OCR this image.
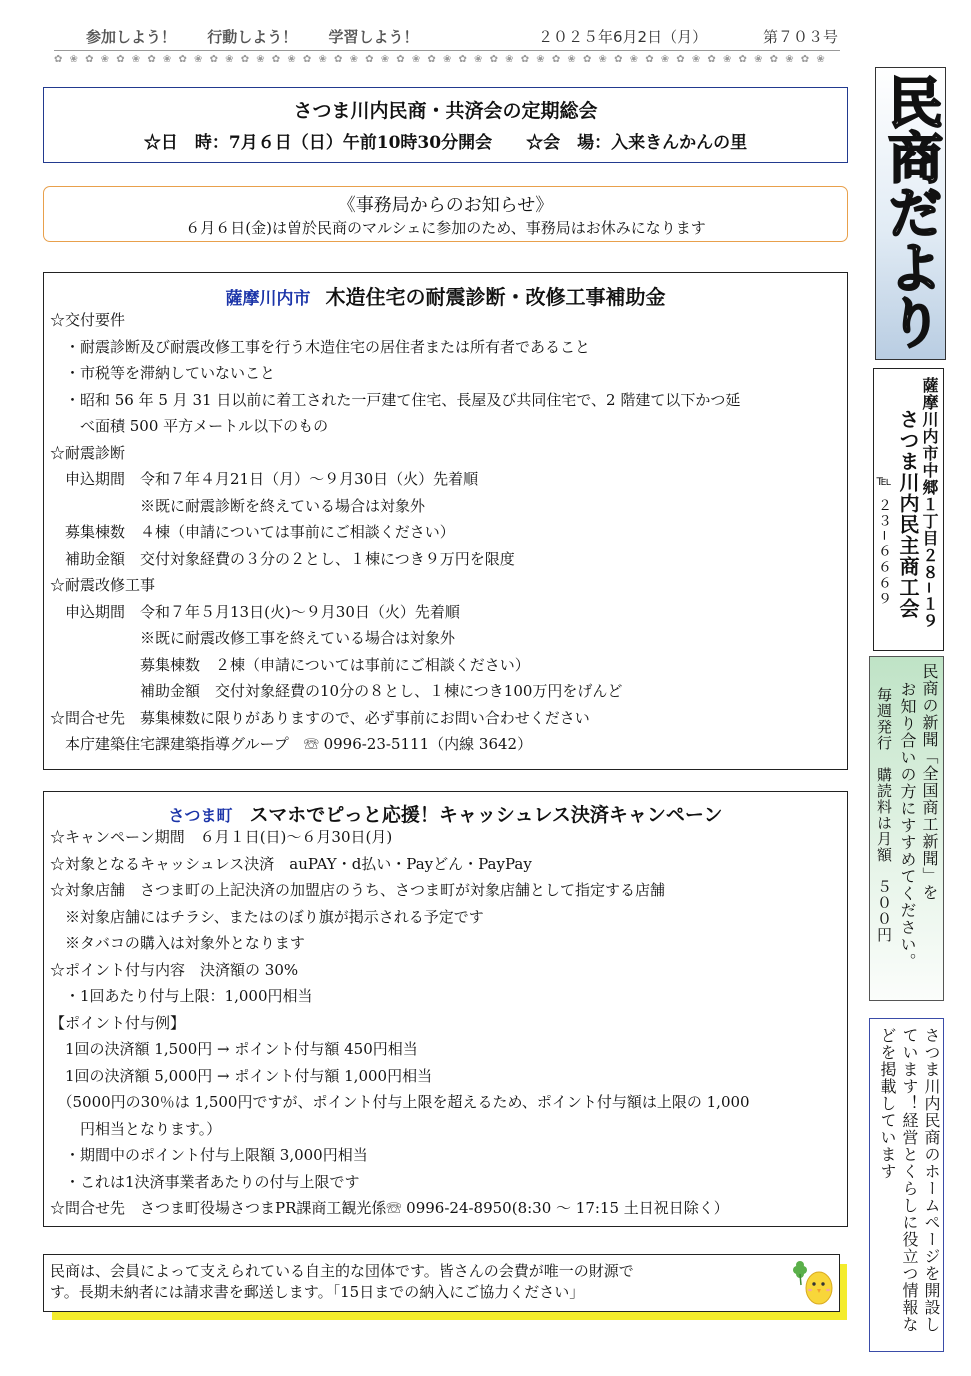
参加しよう！ 行動しよう！ 学習しよう！	２０２５年6月2日（月）	第７０３号
✿ ❀ ✿ ❀ ✿ ❀ ✿ ❀ ✿ ❀ ✿ ❀ ✿ ❀ ✿ ❀ ✿ ❀ ✿ ❀ ✿ ❀ ✿ ❀ ✿ ❀ ✿ ❀ ✿ ❀ ✿ ❀ ✿ ❀ ✿ ❀ ✿ ❀ ✿ ❀ ✿ ❀ ✿ ❀ ✿ ❀ ✿ ❀ ✿ ❀
民商だより
薩摩川内市中郷１丁目２８−１９
さつま川内民主商工会
℡ ２３−６６６９
民商の新聞「全国商工新聞」を
お知り合いの方にすすめてください。
毎週発行　購読料は月額　５００円
さつま川内民商のホームページを開設し
ています！経営とくらしに役立つ情報な
どを掲載しています
さつま川内民商・共済会の定期総会
☆日　時：7月６日（日）午前10時30分開会　　☆会　場：入来きんかんの里
《事務局からのお知らせ》
６月６日(金)は曽於民商のマルシェに参加のため、事務局はお休みになります
薩摩川内市 木造住宅の耐震診断・改修工事補助金
☆交付要件
　・耐震診断及び耐震改修工事を行う木造住宅の居住者または所有者であること
　・市税等を滞納していないこと
　・昭和 56 年 5 月 31 日以前に着工された一戸建て住宅、長屋及び共同住宅で、2 階建て以下かつ延
　　べ面積 500 平方メートル以下のもの
☆耐震診断
　申込期間　令和７年４月21日（月）～９月30日（火）先着順
　　　　　　※既に耐震診断を終えている場合は対象外
　募集棟数　４棟（申請については事前にご相談ください）
　補助金額　交付対象経費の３分の２とし、１棟につき９万円を限度
☆耐震改修工事
　申込期間　令和７年５月13日(火)～９月30日（火）先着順
　　　　　　※既に耐震改修工事を終えている場合は対象外
　　　　　　募集棟数　２棟（申請については事前にご相談ください）
　　　　　　補助金額　交付対象経費の10分の８とし、１棟につき100万円をげんど
☆問合せ先　募集棟数に限りがありますので、必ず事前にお問い合わせください
　本庁建築住宅課建築指導グループ　☏ 0996-23-5111（内線 3642）
さつま町 スマホでピっと応援！キャッシュレス決済キャンペーン
☆キャンペーン期間　６月１日(日)～６月30日(月)
☆対象となるキャッシュレス決済　auPAY・d払い・Payどん・PayPay
☆対象店舗　さつま町の上記決済の加盟店のうち、さつま町が対象店舗として指定する店舗
　※対象店舗にはチラシ、またはのぼり旗が掲示される予定です
　※タバコの購入は対象外となります
☆ポイント付与内容　決済額の 30%
　・1回あたり付与上限：1,000円相当
【ポイント付与例】
　1回の決済額 1,500円 → ポイント付与額 450円相当
　1回の決済額 5,000円 → ポイント付与額 1,000円相当
　（5000円の30％は 1,500円ですが、ポイント付与上限を超えるため、ポイント付与額は上限の 1,000
　　円相当となります。）
　・期間中のポイント付与上限額 3,000円相当
　・これは1決済事業者あたりの付与上限です
☆問合せ先　さつま町役場さつまPR課商工観光係☏ 0996-24-8950(8:30 ～ 17:15 土日祝日除く）
民商は、会員によって支えられている自主的な団体です。皆さんの会費が唯一の財源で
す。長期未納者には請求書を郵送します。「15日までの納入にご協力ください」
